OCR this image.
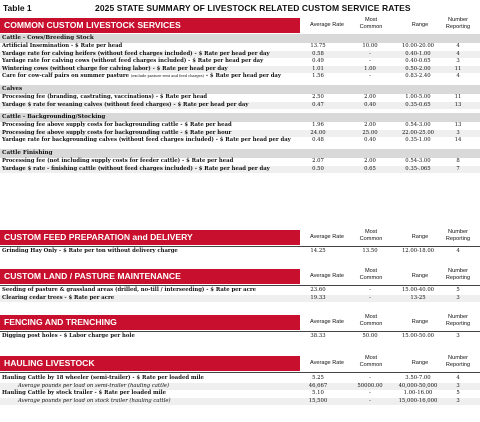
Table 1	2025 STATE SUMMARY OF LIVESTOCK RELATED CUSTOM SERVICE RATES
COMMON CUSTOM LIVESTOCK SERVICES	Average Rate
Most Common	Range
Number Reporting
Cattle - Cows/Breeding Stock
Artificial Insemination - $ Rate per head	13.75	10.00	10.00-20.00	4
Yardage rate for calving heifers (without feed charges included) - $ Rate per head per day	0.58	-	0.40-1.00	4
Yardage rate for calving cows (without feed charges included) - $ Rate per head per day	0.49	-	0.40-0.65	3
Wintering cows (without charge for calving labor) - $ Rate per head per day	1.01	1.00	0.50-2.00	11
Care for cow-calf pairs on summer pasture (exclude pasture rent and feed charges) - $ Rate per head per day	1.56	-	0.83-2.40	4
Calves
Processing fee (branding, castrating, vaccinations) - $ Rate per head	2.50	2.00	1.00-5.00	11
Yardage $ rate for weaning calves (without feed charges) - $ Rate per head per day	0.47	0.40	0.35-0.65	13
Cattle - Backgrounding/Stocking
Processing fee above supply costs for backgrounding cattle - $ Rate per head	1.96	2.00	0.54-3.00	13
Processing fee above supply costs for backgrounding cattle - $ Rate per hour	24.00	25.00	22.00-25.00	3
Yardage rate for backgrounding calves (without feed charges included) - $ Rate per head per day	0.48	0.40	0.35-1.00	14
Cattle Finishing
Processing fee (not including supply costs for feeder cattle) - $ Rate per head	2.07	2.00	0.54-3.00	8
Yardage $ rate - finishing cattle (without feed charges included) - $ Rate per head per day	0.50	0.65	0.35-.065	7
CUSTOM FEED PREPARATION and DELIVERY	Average Rate
Most Common	Range
Number Reporting
Grinding Hay Only - $ Rate per ton without delivery charge	14.25	13.50	12.00-18.00	4
CUSTOM LAND / PASTURE MAINTENANCE	Average Rate
Most Common	Range
Number Reporting
Seeding of pasture & grassland areas (drilled, no-till / interseeding) - $ Rate per acre	23.60	-	15.00-40.00	5
Clearing cedar trees - $ Rate per acre	19.33	-	13-25	3
FENCING AND TRENCHING	Average Rate
Most Common	Range
Number Reporting
Digging post holes - $ Labor charge per hole	38.33	50.00	15.00-50.00	3
HAULING LIVESTOCK	Average Rate
Most Common	Range
Number Reporting
Hauling Cattle by 18 wheeler (semi-trailer) - $ Rate per loaded mile	5.25	-	3.50-7.00	4
Average pounds per load on semi-trailer (hauling cattle)	46,667	50000.00	40,000-50,000	3
Hauling Cattle by stock trailer - $ Rate per loaded mile	5.10	-	1.00-16.00	5
Average pounds per load on stock trailer (hauling cattle)	15,500	-	15,000-16,000	3
